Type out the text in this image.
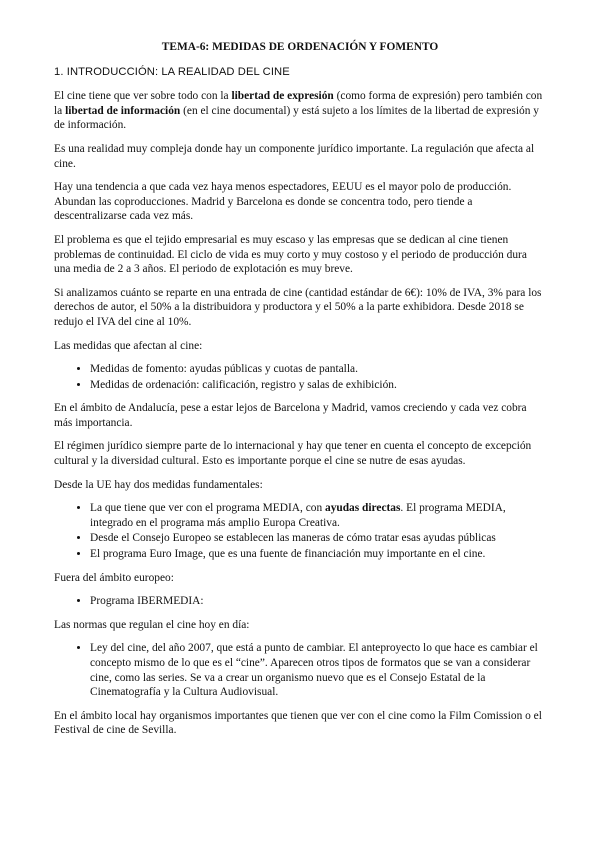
TEMA-6: MEDIDAS DE ORDENACIÓN Y FOMENTO
1. INTRODUCCIÓN: LA REALIDAD DEL CINE

El cine tiene que ver sobre todo con la libertad de expresión (como forma de expresión) pero también con la libertad de información (en el cine documental) y está sujeto a los límites de la libertad de expresión y de información.

Es una realidad muy compleja donde hay un componente jurídico importante. La regulación que afecta al cine.

Hay una tendencia a que cada vez haya menos espectadores, EEUU es el mayor polo de producción. Abundan las coproducciones. Madrid y Barcelona es donde se concentra todo, pero tiende a descentralizarse cada vez más.

El problema es que el tejido empresarial es muy escaso y las empresas que se dedican al cine tienen problemas de continuidad. El ciclo de vida es muy corto y muy costoso y el periodo de producción dura una media de 2 a 3 años. El periodo de explotación es muy breve.

Si analizamos cuánto se reparte en una entrada de cine (cantidad estándar de 6€): 10% de IVA, 3% para los derechos de autor, el 50% a la distribuidora y productora y el 50% a la parte exhibidora. Desde 2018 se redujo el IVA del cine al 10%.

Las medidas que afectan al cine:

• Medidas de fomento: ayudas públicas y cuotas de pantalla.
• Medidas de ordenación: calificación, registro y salas de exhibición.

En el ámbito de Andalucía, pese a estar lejos de Barcelona y Madrid, vamos creciendo y cada vez cobra más importancia.

El régimen jurídico siempre parte de lo internacional y hay que tener en cuenta el concepto de excepción cultural y la diversidad cultural. Esto es importante porque el cine se nutre de esas ayudas.

Desde la UE hay dos medidas fundamentales:

• La que tiene que ver con el programa MEDIA, con ayudas directas. El programa MEDIA, integrado en el programa más amplio Europa Creativa.
• Desde el Consejo Europeo se establecen las maneras de cómo tratar esas ayudas públicas
• El programa Euro Image, que es una fuente de financiación muy importante en el cine.

Fuera del ámbito europeo:

• Programa IBERMEDIA:

Las normas que regulan el cine hoy en día:

• Ley del cine, del año 2007, que está a punto de cambiar. El anteproyecto lo que hace es cambiar el concepto mismo de lo que es el “cine”. Aparecen otros tipos de formatos que se van a considerar cine, como las series. Se va a crear un organismo nuevo que es el Consejo Estatal de la Cinematografía y la Cultura Audiovisual.

En el ámbito local hay organismos importantes que tienen que ver con el cine como la Film Comission o el Festival de cine de Sevilla.
